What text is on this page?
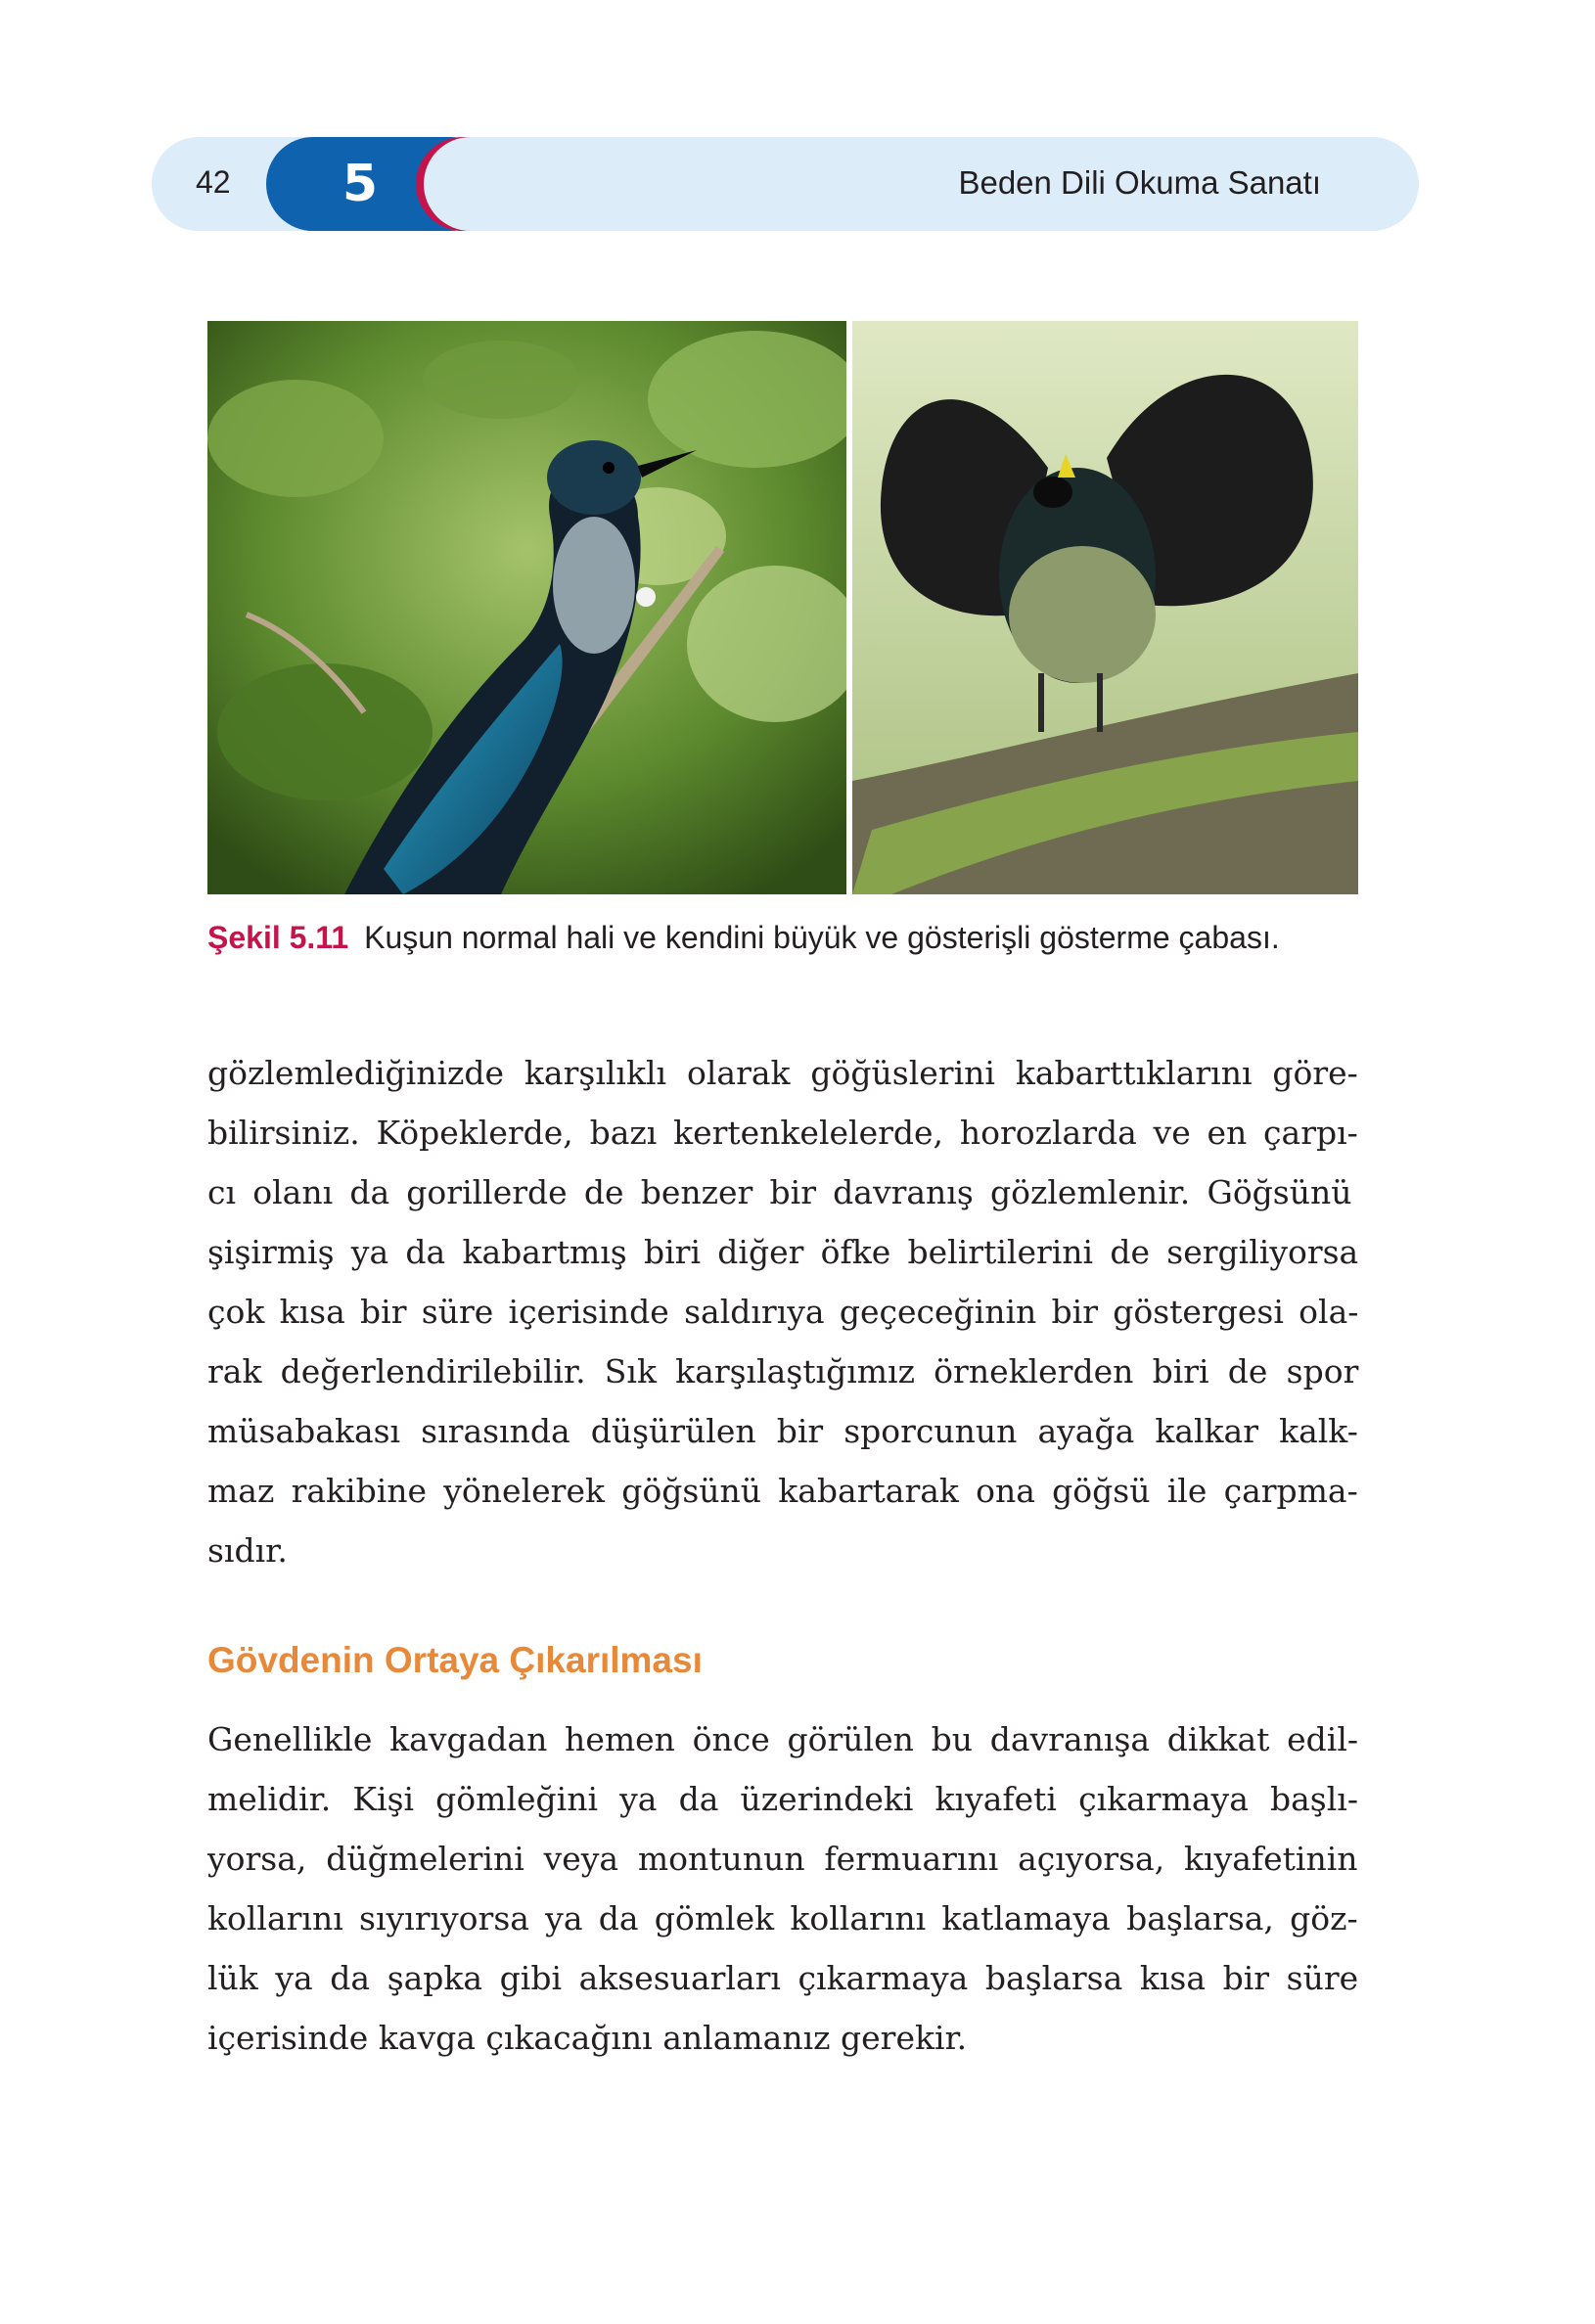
42	5	Beden Dili Okuma Sanatı
Şekil 5.11 Kuşun normal hali ve kendini büyük ve gösterişli gösterme çabası.
gözlemlediğinizde karşılıklı olarak göğüslerini kabarttıklarını göre-
bilirsiniz. Köpeklerde, bazı kertenkelelerde, horozlarda ve en çarpı-
cı olanı da gorillerde de benzer bir davranış gözlemlenir. Göğsünü
şişirmiş ya da kabartmış biri diğer öfke belirtilerini de sergiliyorsa
çok kısa bir süre içerisinde saldırıya geçeceğinin bir göstergesi ola-
rak değerlendirilebilir. Sık karşılaştığımız örneklerden biri de spor
müsabakası sırasında düşürülen bir sporcunun ayağa kalkar kalk-
maz rakibine yönelerek göğsünü kabartarak ona göğsü ile çarpma-
sıdır.
Gövdenin Ortaya Çıkarılması
Genellikle kavgadan hemen önce görülen bu davranışa dikkat edil-
melidir. Kişi gömleğini ya da üzerindeki kıyafeti çıkarmaya başlı-
yorsa, düğmelerini veya montunun fermuarını açıyorsa, kıyafetinin
kollarını sıyırıyorsa ya da gömlek kollarını katlamaya başlarsa, göz-
lük ya da şapka gibi aksesuarları çıkarmaya başlarsa kısa bir süre
içerisinde kavga çıkacağını anlamanız gerekir.
